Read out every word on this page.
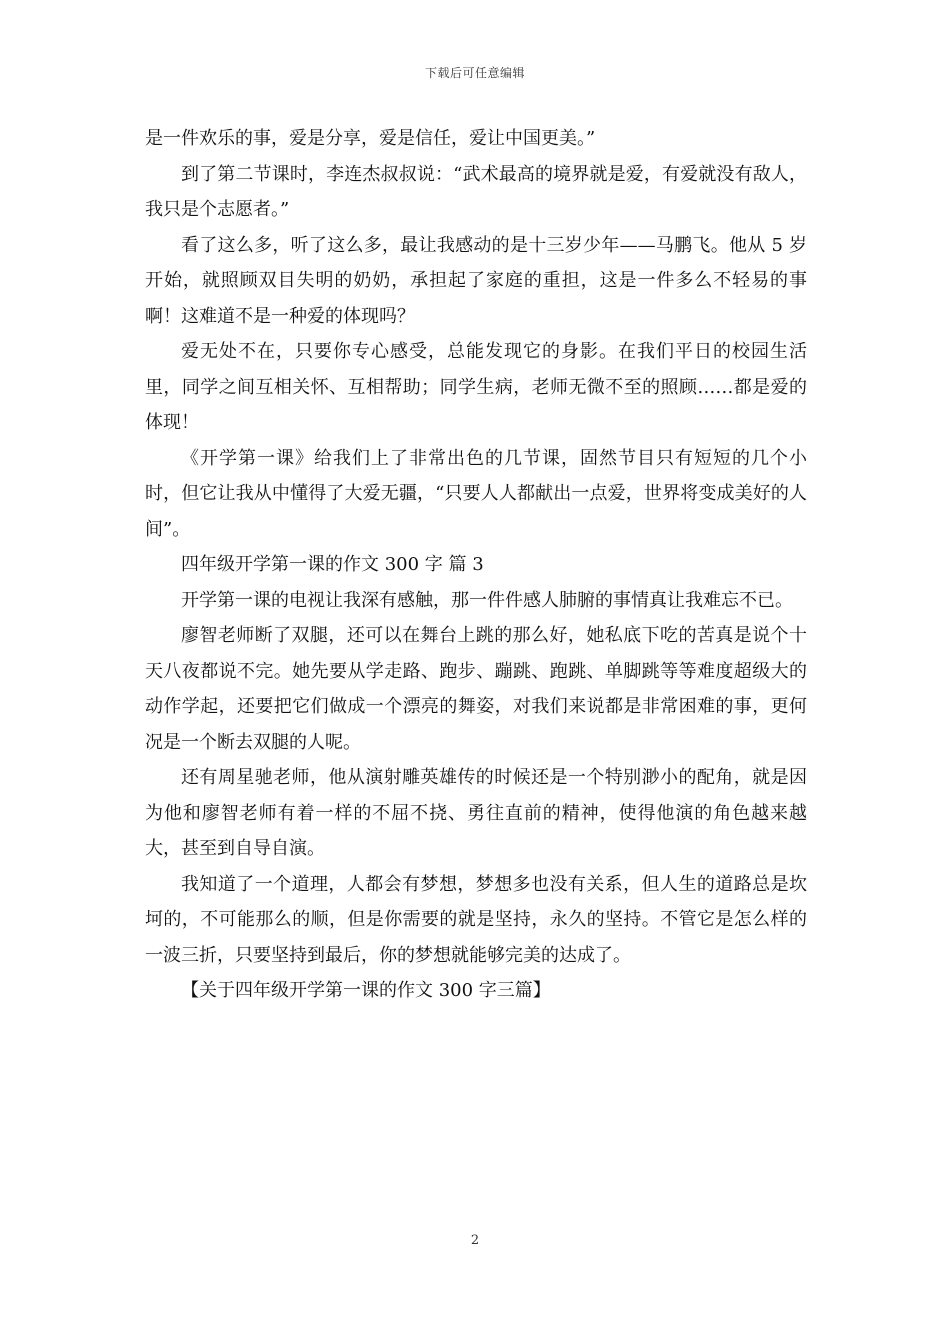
下载后可任意编辑

是一件欢乐的事，爱是分享，爱是信任，爱让中国更美。”

到了第二节课时，李连杰叔叔说：“武术最高的境界就是爱，有爱就没有敌人，我只是个志愿者。”

看了这么多，听了这么多，最让我感动的是十三岁少年——马鹏飞。他从 5 岁开始，就照顾双目失明的奶奶，承担起了家庭的重担，这是一件多么不轻易的事啊！这难道不是一种爱的体现吗？

爱无处不在，只要你专心感受，总能发现它的身影。在我们平日的校园生活里，同学之间互相关怀、互相帮助；同学生病，老师无微不至的照顾……都是爱的体现！

《开学第一课》给我们上了非常出色的几节课，固然节目只有短短的几个小时，但它让我从中懂得了大爱无疆，“只要人人都献出一点爱，世界将变成美好的人间”。

四年级开学第一课的作文 300 字 篇 3

开学第一课的电视让我深有感触，那一件件感人肺腑的事情真让我难忘不已。

廖智老师断了双腿，还可以在舞台上跳的那么好，她私底下吃的苦真是说个十天八夜都说不完。她先要从学走路、跑步、蹦跳、跑跳、单脚跳等等难度超级大的动作学起，还要把它们做成一个漂亮的舞姿，对我们来说都是非常困难的事，更何况是一个断去双腿的人呢。

还有周星驰老师，他从演射雕英雄传的时候还是一个特别渺小的配角，就是因为他和廖智老师有着一样的不屈不挠、勇往直前的精神，使得他演的角色越来越大，甚至到自导自演。

我知道了一个道理，人都会有梦想，梦想多也没有关系，但人生的道路总是坎坷的，不可能那么的顺，但是你需要的就是坚持，永久的坚持。不管它是怎么样的一波三折，只要坚持到最后，你的梦想就能够完美的达成了。

【关于四年级开学第一课的作文 300 字三篇】

2
